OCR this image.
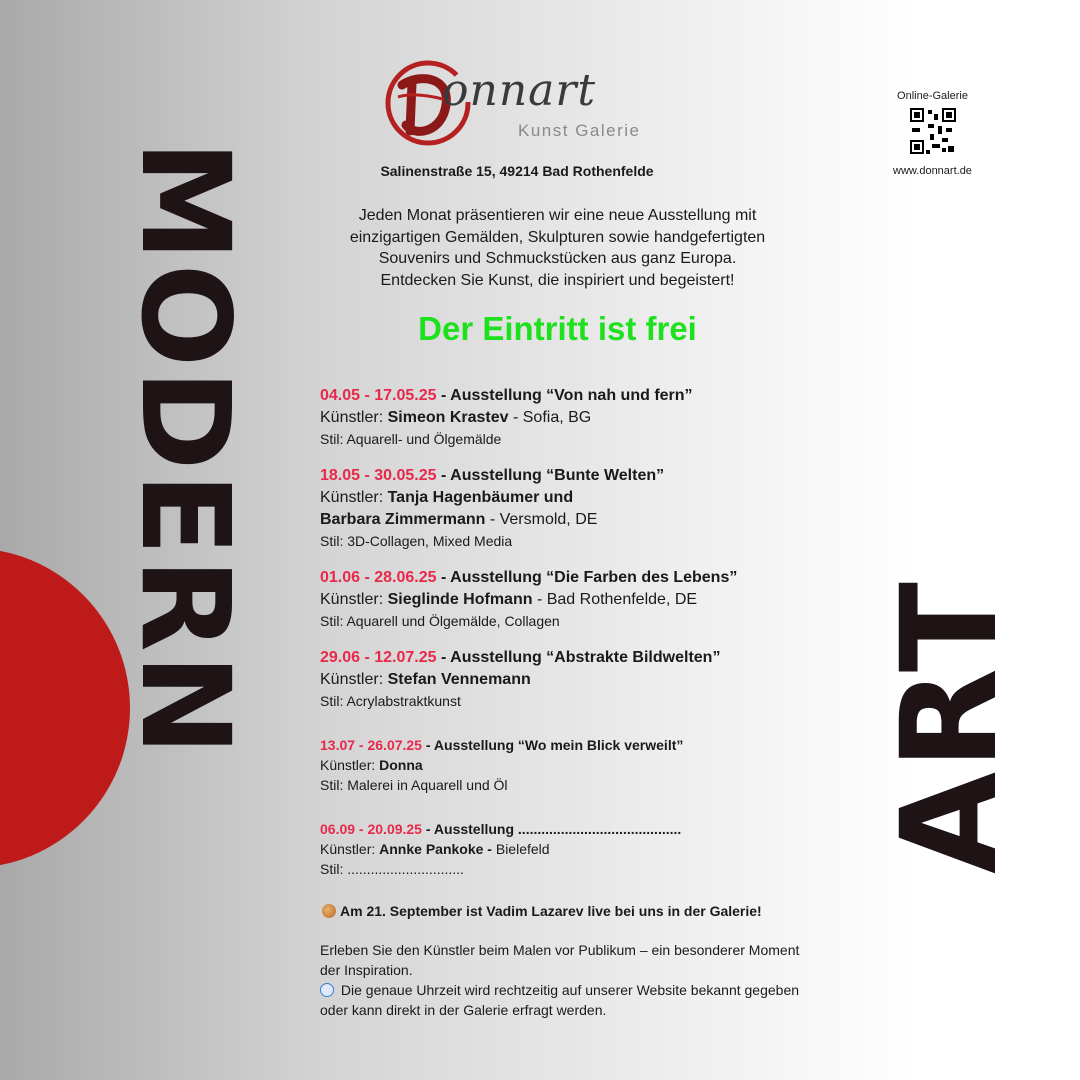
MODERN	ART
onnart
Kunst Galerie
Salinenstraße 15, 49214 Bad Rothenfelde
Online-Galerie
www.donnart.de
Jeden Monat präsentieren wir eine neue Ausstellung mit
einzigartigen Gemälden, Skulpturen sowie handgefertigten
Souvenirs und Schmuckstücken aus ganz Europa.
Entdecken Sie Kunst, die inspiriert und begeistert!
Der Eintritt ist frei
04.05 - 17.05.25 - Ausstellung “Von nah und fern”
Künstler: Simeon Krastev - Sofia, BG
Stil: Aquarell- und Ölgemälde
18.05 - 30.05.25 - Ausstellung “Bunte Welten”
Künstler: Tanja Hagenbäumer und
Barbara Zimmermann - Versmold, DE
Stil: 3D-Collagen, Mixed Media
01.06 - 28.06.25 - Ausstellung “Die Farben des Lebens”
Künstler: Sieglinde Hofmann - Bad Rothenfelde, DE
Stil: Aquarell und Ölgemälde, Collagen
29.06 - 12.07.25 - Ausstellung “Abstrakte Bildwelten”
Künstler: Stefan Vennemann
Stil: Acrylabstraktkunst
13.07 - 26.07.25 - Ausstellung “Wo mein Blick verweilt”
Künstler: Donna
Stil: Malerei in Aquarell und Öl
06.09 - 20.09.25 - Ausstellung ..........................................
Künstler: Annke Pankoke - Bielefeld
Stil: ..............................
Am 21. September ist Vadim Lazarev live bei uns in der Galerie!
Erleben Sie den Künstler beim Malen vor Publikum – ein besonderer Moment der Inspiration.
Die genaue Uhrzeit wird rechtzeitig auf unserer Website bekannt gegeben oder kann direkt in der Galerie erfragt werden.
